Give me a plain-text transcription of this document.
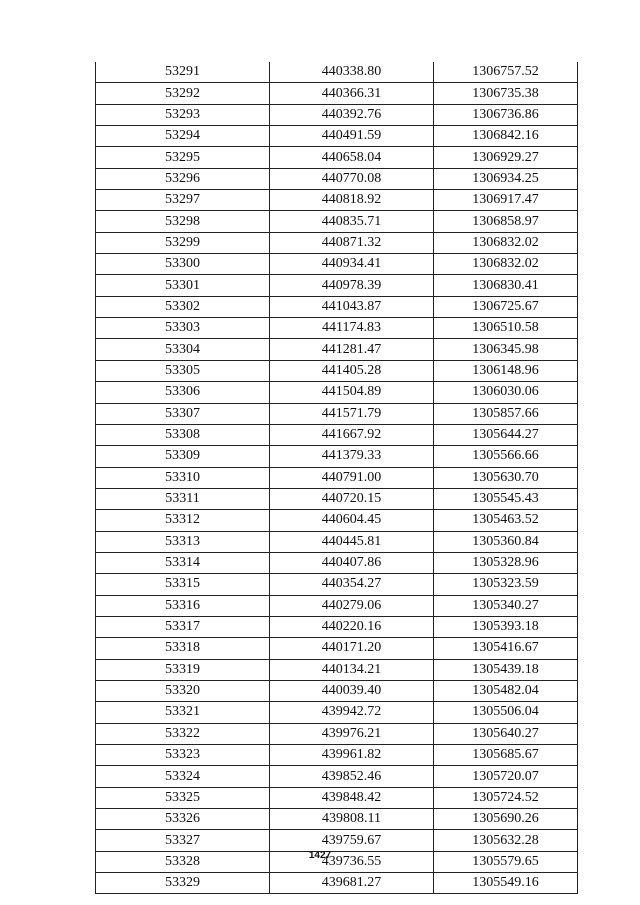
53291	440338.80	1306757.52
53292	440366.31	1306735.38
53293	440392.76	1306736.86
53294	440491.59	1306842.16
53295	440658.04	1306929.27
53296	440770.08	1306934.25
53297	440818.92	1306917.47
53298	440835.71	1306858.97
53299	440871.32	1306832.02
53300	440934.41	1306832.02
53301	440978.39	1306830.41
53302	441043.87	1306725.67
53303	441174.83	1306510.58
53304	441281.47	1306345.98
53305	441405.28	1306148.96
53306	441504.89	1306030.06
53307	441571.79	1305857.66
53308	441667.92	1305644.27
53309	441379.33	1305566.66
53310	440791.00	1305630.70
53311	440720.15	1305545.43
53312	440604.45	1305463.52
53313	440445.81	1305360.84
53314	440407.86	1305328.96
53315	440354.27	1305323.59
53316	440279.06	1305340.27
53317	440220.16	1305393.18
53318	440171.20	1305416.67
53319	440134.21	1305439.18
53320	440039.40	1305482.04
53321	439942.72	1305506.04
53322	439976.21	1305640.27
53323	439961.82	1305685.67
53324	439852.46	1305720.07
53325	439848.42	1305724.52
53326	439808.11	1305690.26
53327	439759.67	1305632.28
53328	439736.55	1305579.65
53329	439681.27	1305549.16
1427
